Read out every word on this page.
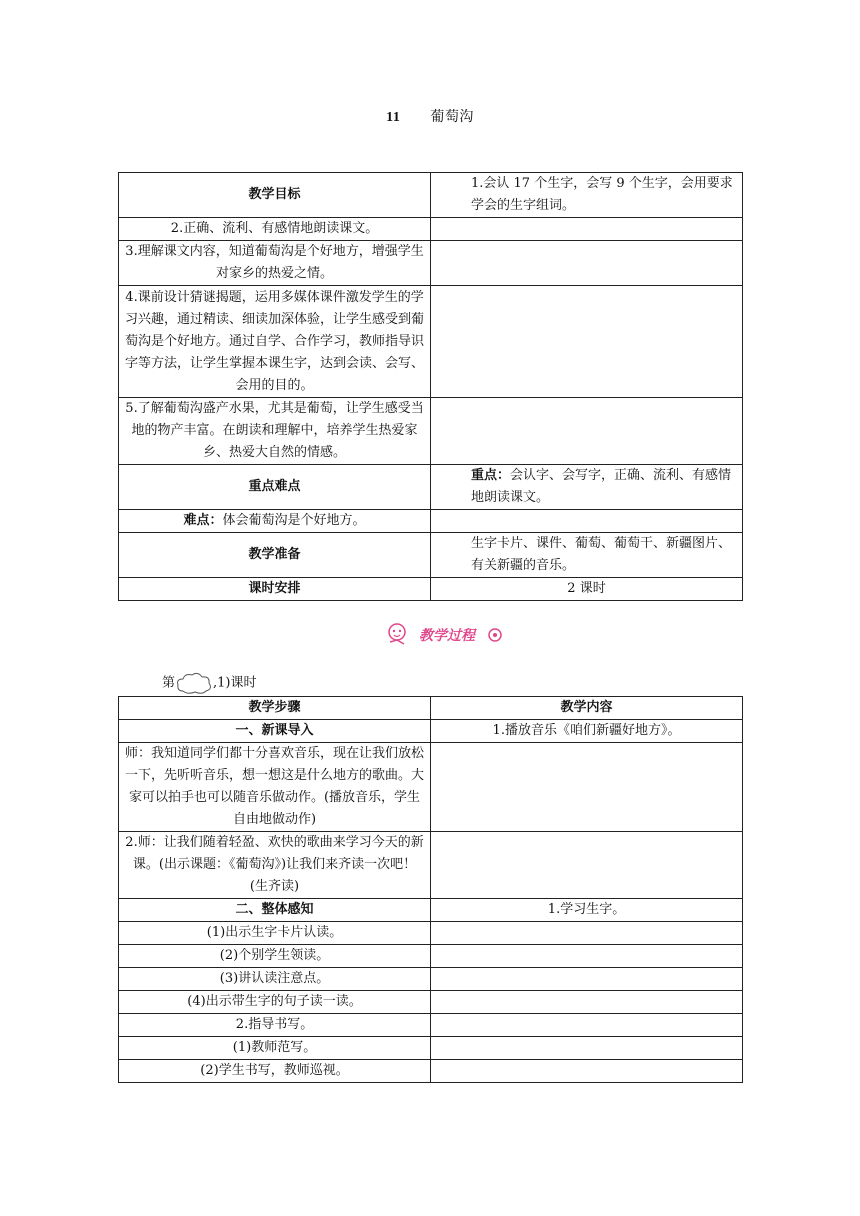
11 葡萄沟
教学目标	1.会认 17 个生字，会写 9 个生字，会用要求学会的生字组词。
2.正确、流利、有感情地朗读课文。	
3.理解课文内容，知道葡萄沟是个好地方，增强学生对家乡的热爱之情。	
4.课前设计猜谜揭题，运用多媒体课件激发学生的学习兴趣，通过精读、细读加深体验，让学生感受到葡萄沟是个好地方。通过自学、合作学习，教师指导识字等方法，让学生掌握本课生字，达到会读、会写、会用的目的。	
5.了解葡萄沟盛产水果，尤其是葡萄，让学生感受当地的物产丰富。在朗读和理解中，培养学生热爱家乡、热爱大自然的情感。	
重点难点	重点：会认字、会写字，正确、流利、有感情地朗读课文。
难点：体会葡萄沟是个好地方。	
教学准备	生字卡片、课件、葡萄、葡萄干、新疆图片、有关新疆的音乐。
课时安排	2 课时
教学过程
第	,1)课时
教学步骤	教学内容
一、新课导入	1.播放音乐《咱们新疆好地方》。
师：我知道同学们都十分喜欢音乐，现在让我们放松一下，先听听音乐，想一想这是什么地方的歌曲。大家可以拍手也可以随音乐做动作。(播放音乐，学生自由地做动作)	
2.师：让我们随着轻盈、欢快的歌曲来学习今天的新课。(出示课题：《葡萄沟》)让我们来齐读一次吧！(生齐读)	
二、整体感知	1.学习生字。
(1)出示生字卡片认读。	
(2)个别学生领读。	
(3)讲认读注意点。	
(4)出示带生字的句子读一读。	
2.指导书写。	
(1)教师范写。	
(2)学生书写，教师巡视。	
